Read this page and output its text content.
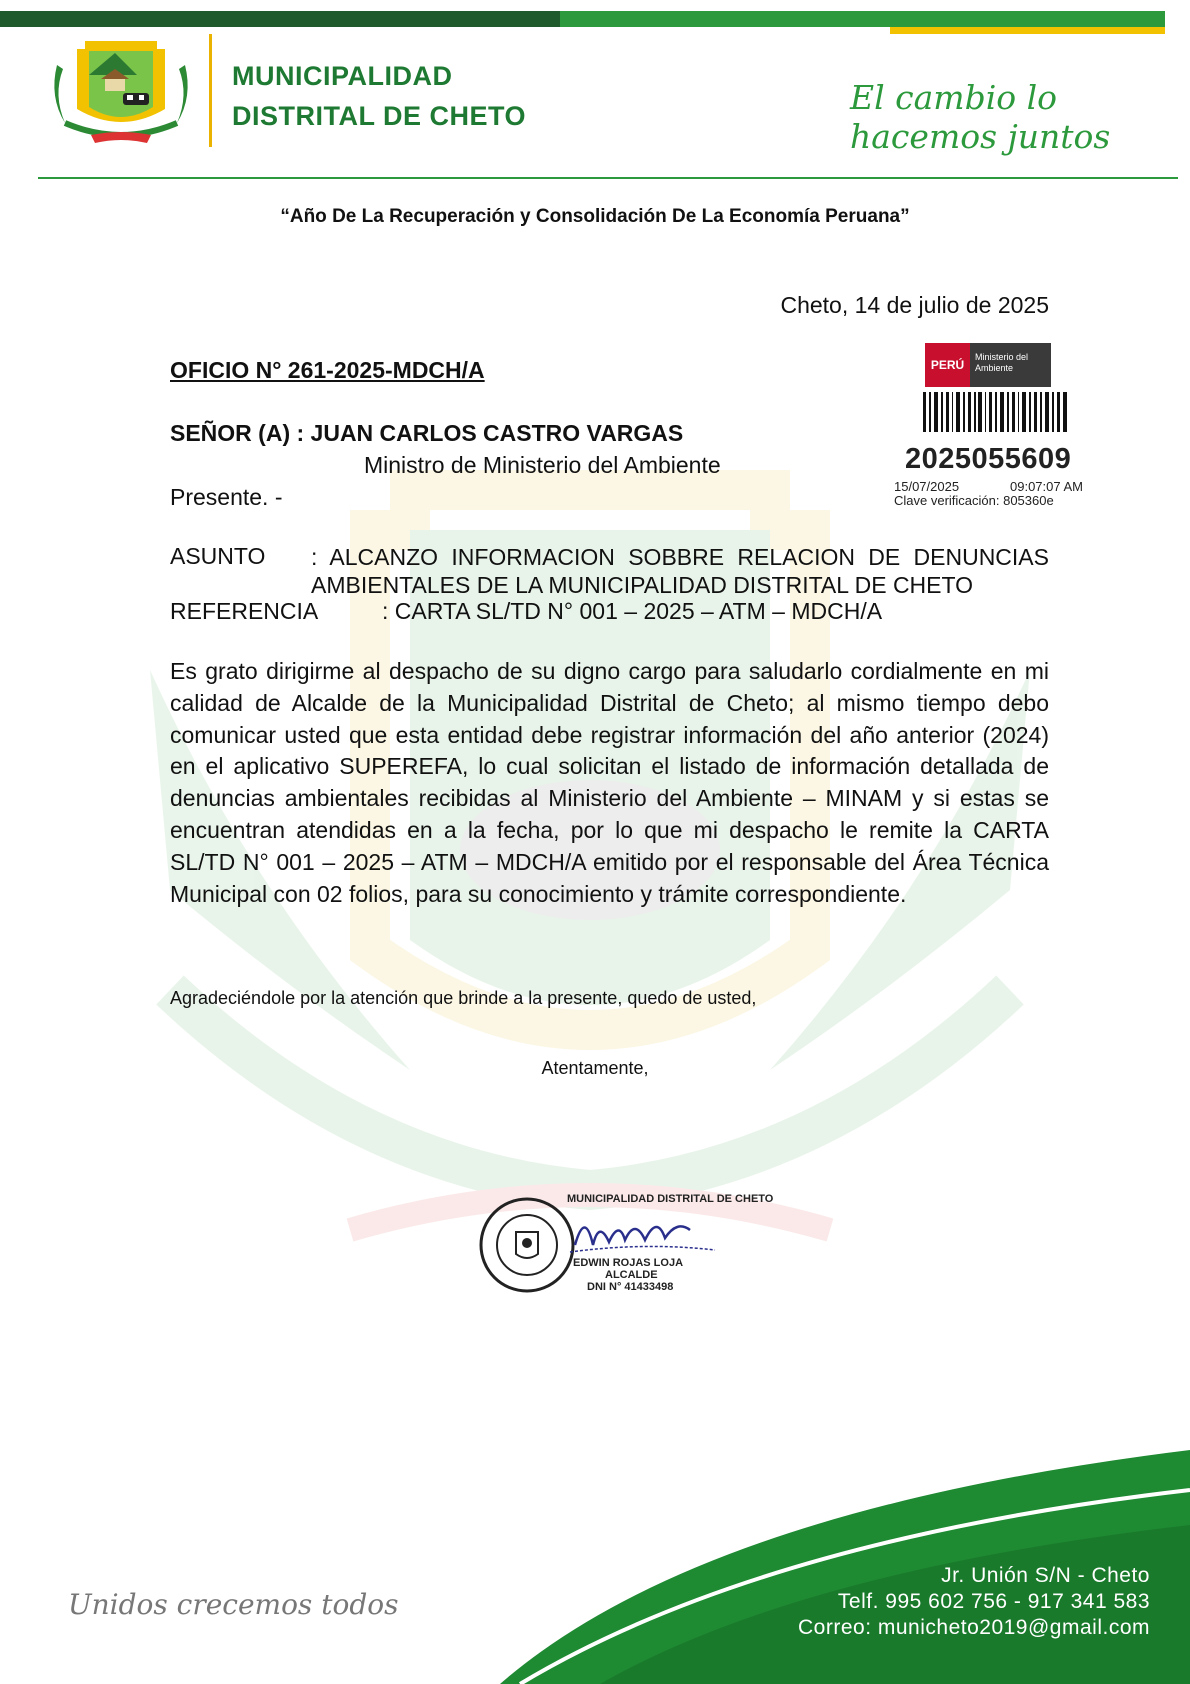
MUNICIPALIDAD
DISTRITAL DE CHETO	El cambio lo hacemos juntos
“Año De La Recuperación y Consolidación De La Economía Peruana”
Cheto, 14 de julio de 2025
OFICIO N° 261-2025-MDCH/A	PERÚ
Ministerio del Ambiente
2025055609
15/07/2025	09:07:07 AM
Clave verificación: 805360e
SEÑOR (A) : JUAN CARLOS CASTRO VARGAS
Ministro de Ministerio del Ambiente
Presente. -
ASUNTO : ALCANZO INFORMACION SOBBRE RELACION DE DENUNCIAS AMBIENTALES DE LA MUNICIPALIDAD DISTRITAL DE CHETO
REFERENCIA	: CARTA SL/TD N° 001 – 2025 – ATM – MDCH/A
Es grato dirigirme al despacho de su digno cargo para saludarlo cordialmente en mi calidad de Alcalde de la Municipalidad Distrital de Cheto; al mismo tiempo debo comunicar usted que esta entidad debe registrar información del año anterior (2024) en el aplicativo SUPEREFA, lo cual solicitan el listado de información detallada de denuncias ambientales recibidas al Ministerio del Ambiente – MINAM y si estas se encuentran atendidas en a la fecha, por lo que mi despacho le remite la CARTA SL/TD N° 001 – 2025 – ATM – MDCH/A emitido por el responsable del Área Técnica Municipal con 02 folios, para su conocimiento y trámite correspondiente.
Agradeciéndole por la atención que brinde a la presente, quedo de usted,
Atentamente,
MUNICIPALIDAD DISTRITAL DE CHETO
EDWIN ROJAS LOJA
ALCALDE
DNI N° 41433498
Unidos crecemos todos
Jr. Unión S/N - Cheto
Telf. 995 602 756 - 917 341 583
Correo: municheto2019@gmail.com
